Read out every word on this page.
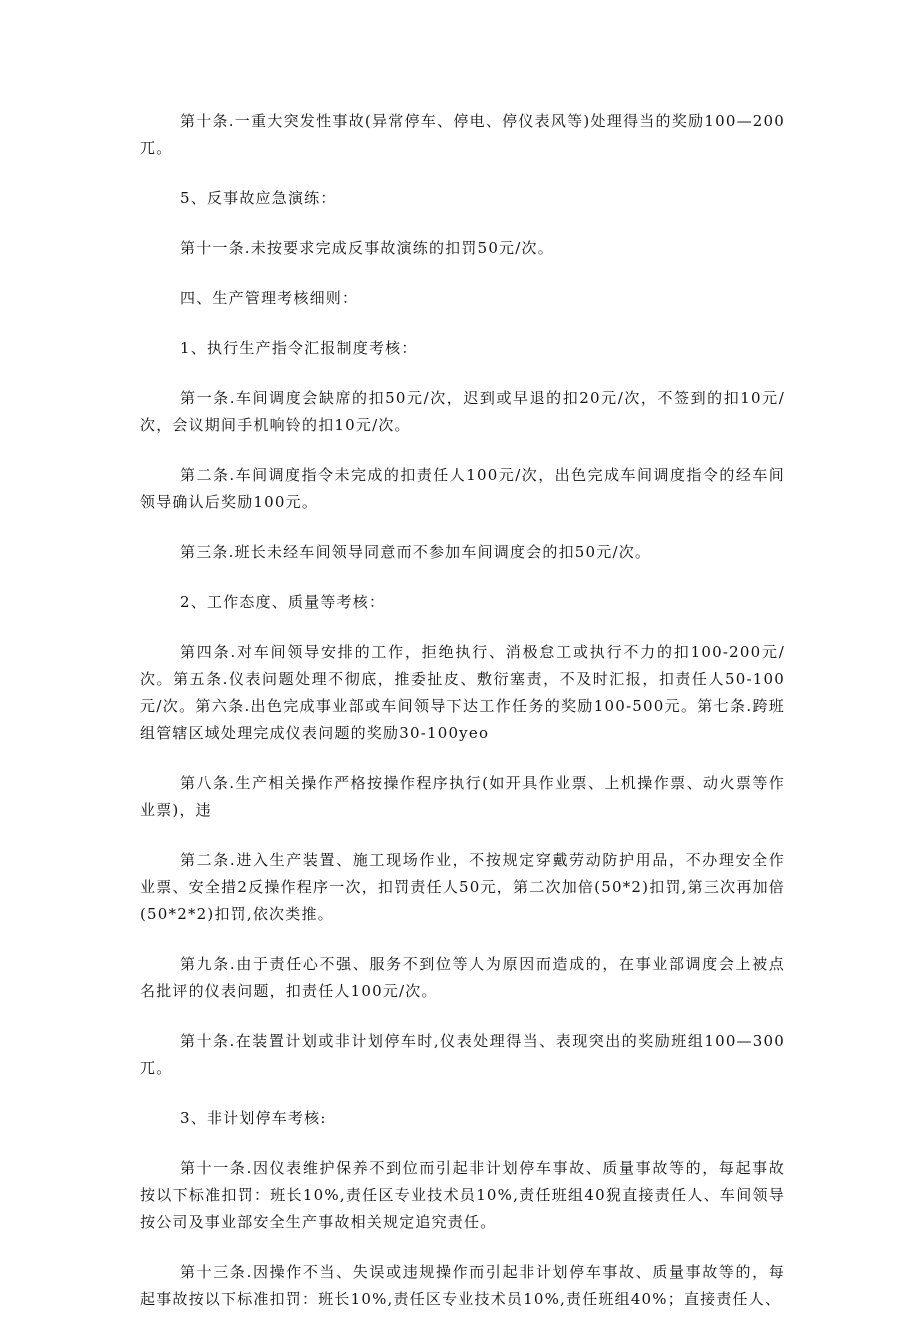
第十条.一重大突发性事故(异常停车、停电、停仪表风等)处理得当的奖励100—200兀。

5、反事故应急演练：

第十一条.未按要求完成反事故演练的扣罚50元/次。

四、生产管理考核细则：

1、执行生产指令汇报制度考核：

第一条.车间调度会缺席的扣50元/次，迟到或早退的扣20元/次，不签到的扣10元/次，会议期间手机响铃的扣10元/次。

第二条.车间调度指令未完成的扣责任人100元/次，出色完成车间调度指令的经车间领导确认后奖励100元。

第三条.班长未经车间领导同意而不参加车间调度会的扣50元/次。

2、工作态度、质量等考核：

第四条.对车间领导安排的工作，拒绝执行、消极怠工或执行不力的扣100-200元/次。第五条.仪表问题处理不彻底，推委扯皮、敷衍塞责，不及时汇报，扣责任人50-100元/次。第六条.出色完成事业部或车间领导下达工作任务的奖励100-500元。第七条.跨班组管辖区域处理完成仪表问题的奖励30-100yeo

第八条.生产相关操作严格按操作程序执行(如开具作业票、上机操作票、动火票等作业票)，违

第二条.进入生产装置、施工现场作业，不按规定穿戴劳动防护用品，不办理安全作业票、安全措2反操作程序一次，扣罚责任人50元，第二次加倍(50*2)扣罚,第三次再加倍(50*2*2)扣罚,依次类推。

第九条.由于责任心不强、服务不到位等人为原因而造成的，在事业部调度会上被点名批评的仪表问题，扣责任人100元/次。

第十条.在装置计划或非计划停车时,仪表处理得当、表现突出的奖励班组100—300兀。

3、非计划停车考核:

第十一条.因仪表维护保养不到位而引起非计划停车事故、质量事故等的，每起事故按以下标准扣罚：班长10%,责任区专业技术员10%,责任班组40猊直接责任人、车间领导按公司及事业部安全生产事故相关规定追究责任。

第十三条.因操作不当、失误或违规操作而引起非计划停车事故、质量事故等的，每起事故按以下标准扣罚：班长10%,责任区专业技术员10%,责任班组40%；直接责任人、
